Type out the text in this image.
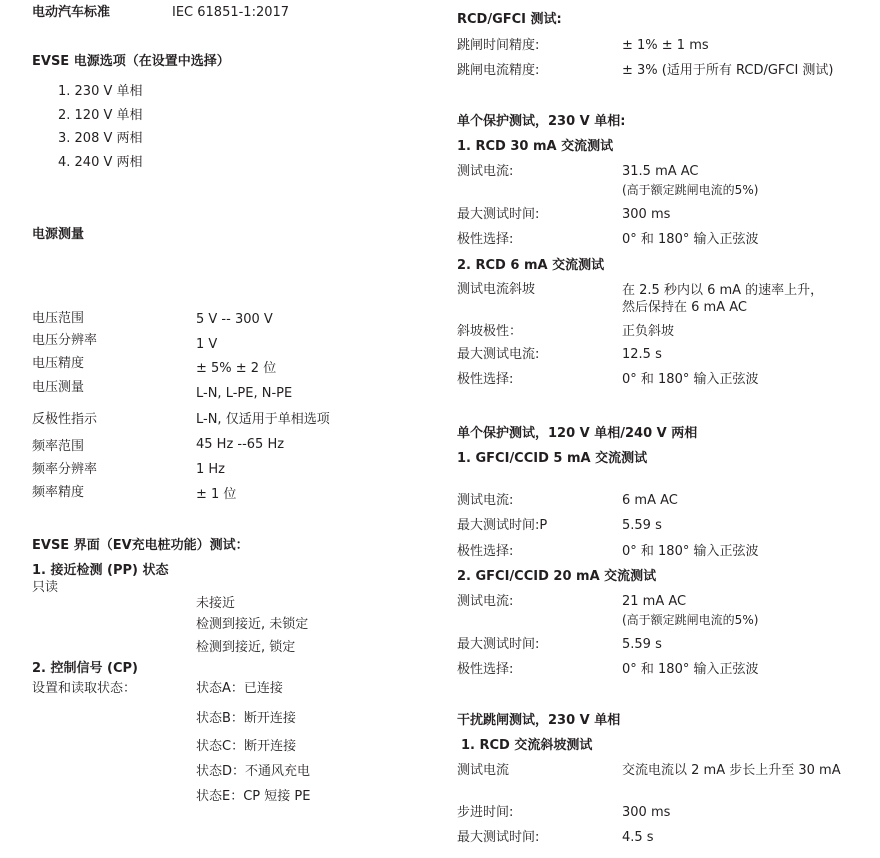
电动汽车标准	IEC 61851-1:2017
EVSE 电源选项（在设置中选择）
1. 230 V 单相
2. 120 V 单相
3. 208 V 两相
4. 240 V 两相
电源测量
电压范围	5 V -- 300 V
电压分辨率	1 V
电压精度	± 5% ± 2 位
电压测量	L-N, L-PE, N-PE
反极性指示	L-N, 仅适用于单相选项
频率范围	45 Hz --65 Hz
频率分辨率	1 Hz
频率精度	± 1 位
EVSE 界面（EV充电桩功能）测试：
1. 接近检测 (PP) 状态
只读
未接近
检测到接近, 未锁定
检测到接近, 锁定
2. 控制信号 (CP)
设置和读取状态：	状态A：已连接
状态B：断开连接
状态C：断开连接
状态D：不通风充电
状态E：CP 短接 PE
RCD/GFCI 测试:
跳闸时间精度:	± 1% ± 1 ms
跳闸电流精度:	± 3% (适用于所有 RCD/GFCI 测试)
单个保护测试，230 V 单相:
1. RCD 30 mA 交流测试
测试电流:	31.5 mA AC
(高于额定跳闸电流的5%)
最大测试时间:	300 ms
极性选择:	0° 和 180° 输入正弦波
2. RCD 6 mA 交流测试
测试电流斜坡	在 2.5 秒内以 6 mA 的速率上升，
然后保持在 6 mA AC
斜坡极性：	正负斜坡
最大测试电流:	12.5 s
极性选择:	0° 和 180° 输入正弦波
单个保护测试，120 V 单相/240 V 两相
1. GFCI/CCID 5 mA 交流测试
测试电流:	6 mA AC
最大测试时间:P	5.59 s
极性选择:	0° 和 180° 输入正弦波
2. GFCI/CCID 20 mA 交流测试
测试电流:	21 mA AC
(高于额定跳闸电流的5%)
最大测试时间:	5.59 s
极性选择:	0° 和 180° 输入正弦波
干扰跳闸测试，230 V 单相
1. RCD 交流斜坡测试
测试电流	交流电流以 2 mA 步长上升至 30 mA
步进时间:	300 ms
最大测试时间:	4.5 s
